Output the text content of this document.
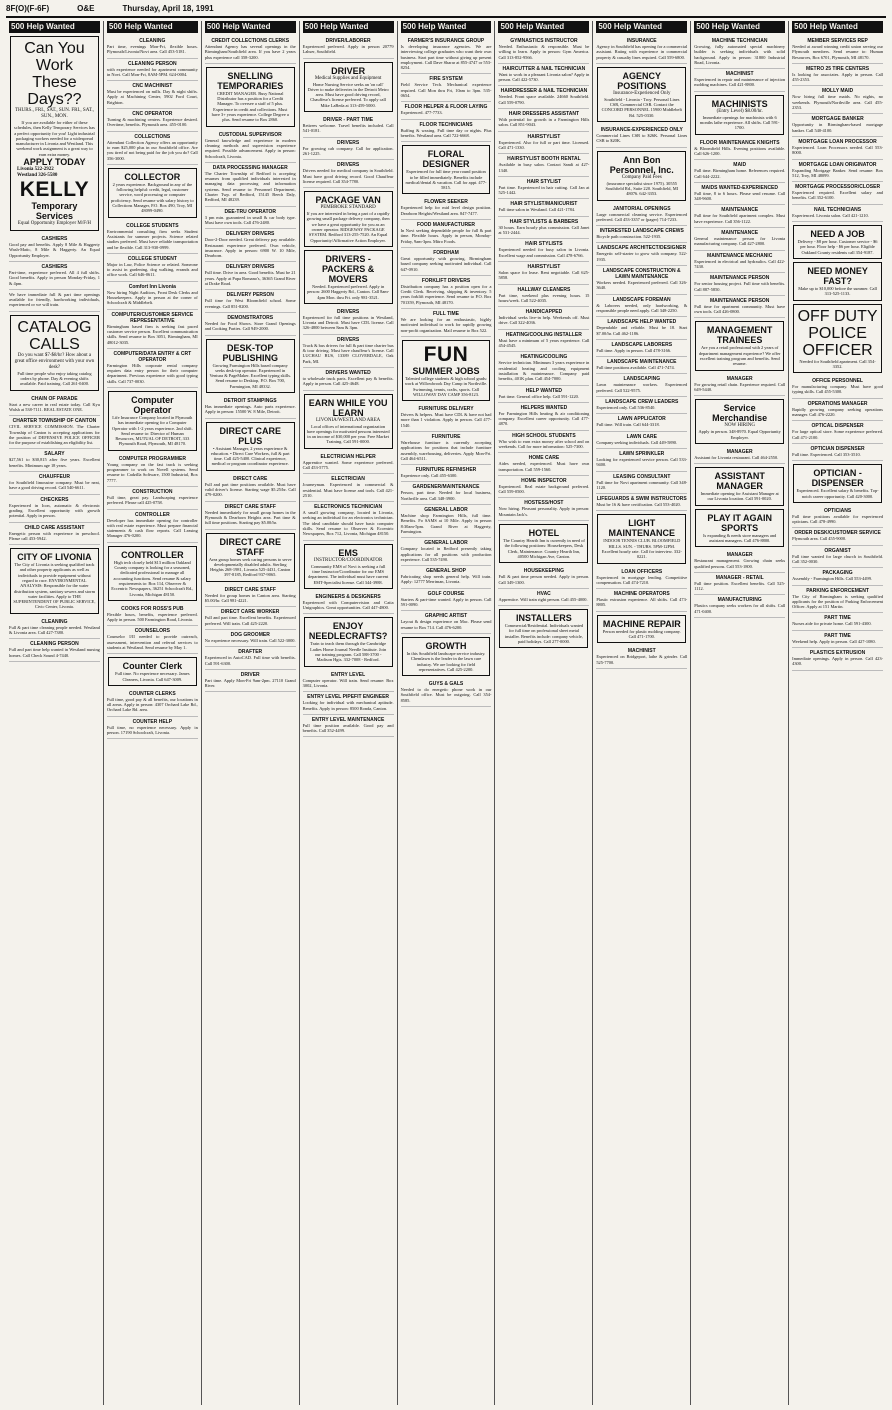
8F(O)(F-6F)	O&E	Thursday, April 18, 1991
500 Help Wanted
Can You
Work
These Days??
THURS., FRI., SAT., SUN. FRI., SAT., SUN., MON.
If you are available for either of these schedules, then Kelly Temporary Services has a perfect opportunity for you! Light industrial packaging workers needed for a widespread manufacturer in Livonia and Westland. This weekend work assignment is a great way to earn extra money.
APPLY TODAY
Livonia 522-2922
Westland 326-5580
KELLY
Temporary
Services
Equal Opportunity Employer M/F/H
CASHIERS
Good pay and benefits. Apply 8 Mile & Haggerty Wash-Matic, 8 Mile & Haggerty. An Equal Opportunity Employer.
CASHIERS
Part-time, experience preferred. All 4 full shifts. Good benefits. Apply in person Monday-Friday, 1 & 4pm.
We have immediate full & part time openings available for friendly, hardworking individuals, experienced or we will train.
CATALOG
CALLS
Do you want $7-$8/hr? How about a great office environment with your own desk?
Full time people who enjoy taking catalog orders by phone. Day & evening shifts available. Paid training. Call 261-0400.
CHAIN OF PARADE
Start a new career in real estate today. Call Kyu Walsh at 538-7111. REAL ESTATE ONE.
CHARTER TOWNSHIP OF CANTON
CIVIL SERVICE COMMISSION. The Charter Township of Canton is accepting applications for the position of DEFENSIVE POLICE OFFICER for the purpose of establishing an eligibility list.
SALARY
$27,561 to $30,815 after five years. Excellent benefits. Minimum age 18 years.
CHAUFFEUR
for Southfield limousine company. Must be neat, have a good driving record. Call 540-6611.
CHECKERS
Experienced in Icon, automatic & electronic grading. Excellent opportunity with growth potential. Apply in person.
CHILD CARE ASSISTANT
Energetic person with experience in preschool. Please call 453-5942.
CITY OF LIVONIA
The City of Livonia is seeking qualified track and other property applicants as well as individuals to provide equipment without regard to race. ENVIRONMENTAL ANALYSIS: Responsible for the water distribution system, sanitary sewers and storm water facilities. Apply to THE SUPERINTENDENT OF PUBLIC SERVICE, Civic Center, Livonia.
CLEANING
Full & part time cleaning people needed. Westland & Livonia area. Call 427-7380.
CLEANING PERSON
Full and part time help wanted in Westland nursing homes. Call Check Sound 4-7440.
500 Help Wanted
CLEANING
Part time, evenings Mon-Fri, flexible hours. Plymouth/Livonia/Novi area. Call 453-5181.
CLEANING PERSON
with experience needed for apartment community in Novi. Call Mon-Fri, 8AM-5PM. 624-0004.
CNC MACHINIST
Must be experienced on mills. Day & night shifts. Apply at Machining Center, 5902 Ford Court, Brighton.
CNC OPERATOR
Turning & machining centers. Experience desired. Overtime, benefits. Plymouth area. 455-0100.
COLLECTIONS
Attendant Collection Agency offers an opportunity to earn $25,000 plus in our Southfield office. Are you tired of not being paid for the job you do? Call 356-3000.
COLLECTOR
2 years experience. Background in any of the following helpful: credit, legal, customer service, word processing or computer proficiency. Send resume with salary history to Collections Manager, P.O. Box 490, Troy, MI 48099-0490.
COLLEGE STUDENTS
Environmental consulting firm seeks Student Assistants for summer projects. Science related studies preferred. Must have reliable transportation and be flexible. Call 313-930-0999.
COLLEGE STUDENT
Major in Law, Police Science or related. Someone to assist in gardening, dog walking, errands and office work. Call 646-0611.
Comfort Inn Livonia
Now hiring Night Auditors, Front Desk Clerks and Housekeepers. Apply in person at the corner of Schoolcraft & Middlebelt.
COMPUTER/CUSTOMER SERVICE REPRESENTATIVE
Birmingham based firm is seeking fast paced customer service person. Excellent communication skills. Send resume to Box 3051, Birmingham, MI 48012-3035.
COMPUTER/DATA ENTRY & CRT OPERATOR
Farmington Hills corporate rental company requires data entry person for their computer department. Previous experience with good typing skills. Call 737-0030.
Computer Operator
Life Insurance Company located in Plymouth has immediate opening for a Computer Operator with 1-2 years experience. 2nd shift. Send resume to: Director of Human Resources, MUTUAL OF DETROIT, 333 Plymouth Road, Plymouth, MI 48170.
COMPUTER PROGRAMMER
Young company on the fast track is seeking programmer to work on Novell systems. Send resume to: Cadzilla Software, 1500 Industrial, Box 7777.
CONSTRUCTION
Full time, great pay. Landscaping experience preferred. Please call 425-0758.
CONTROLLER
Developer has immediate opening for controller with real estate experience. Must prepare financial statements & cash flow reports. Call Leasing Manager 476-0200.
CONTROLLER
High tech closely held $13 million Oakland County company is looking for a seasoned, dedicated professional to manage all accounting functions. Send resume & salary requirements to: Box 114, Observer & Eccentric Newspapers, 36251 Schoolcraft Rd., Livonia, Michigan 48150.
COOKS FOR ROSS'S PUB
Flexible hours, benefits, experience preferred. Apply in person. 500 Farmington Road, Livonia.
COUNSELORS
Counselor I/II needed to provide outreach, assessment, intervention and referral services to students at Westland. Send resume by May 1.
Counter Clerk
Full time. No experience necessary. James Cleaners, Livonia. Call 647-3009.
COUNTER CLERKS
Full time, good pay & all benefits, our locations in all areas. Apply in person: 4307 Orchard Lake Rd., Orchard Lake Rd. area.
COUNTER HELP
Full time, no experience necessary. Apply in person. 17190 Schoolcraft, Livonia.
500 Help Wanted
CREDIT COLLECTIONS CLERKS
Attendant Agency has several openings in the Birmingham/Southfield area. If you have 2 years plus experience call 358-3200.
SNELLING TEMPORARIES
CREDIT MANAGER. Busy National Distributor has a position for a Credit Manager. To oversee a staff of 5 plus. Experience in credit and collections. Must have 3+ years experience. College Degree a plus. Send resume to Box 2860.
CUSTODIAL SUPERVISOR
General knowledge and experience in modern cleaning methods and supervision experience required. Possible advancement. Apply in person: Schoolcraft, Livonia.
DATA PROCESSING MANAGER
The Charter Township of Redford is accepting resumes from qualified individuals interested in managing data processing and information systems. Send resume to: Personnel Department, Charter Twp. of Redford, 15145 Beech Daly, Redford, MI 48239.
DEE-TRU OPERATOR
3 pm min. guaranteed in small & car body type. Must have own tools. Call 476-2480.
DELIVERY DRIVERS
Door-2-Door needed. Great delivery pay available. Restaurant experience preferred. Own vehicle, insurance. Apply in person: 6900 W. 10 Mile, Dearborn.
DELIVERY DRIVERS
Full time. Drive in area. Good benefits. Must be 21 years. Apply at Papa Romano's, 36365 Grand River at Drake Road.
DELIVERY PERSON
Full time for West Bloomfield school. Some evenings. Call 851-8200.
DEMONSTRATORS
Needed for Food Shows. Store Grand Openings and Cooking Parties. Call 949-2000.
DESK-TOP PUBLISHING
Growing Farmington Hills based company seeks desk-top operator. Experienced in Ventura & PageMaker. Excellent typing skills. Send resume to Desktop, P.O. Box 700, Farmington, MI 48332.
DETROIT STAMPINGS
Has immediate openings. Auto parts experience. Apply in person: 15500 W. 8 Mile, Detroit.
DIRECT CARE PLUS
• Assistant Manager, 2 years experience & education. • Direct Care Workers, full & part time. Call 425-5400. Clinical experience, medical or program coordinator experience.
DIRECT CARE
Full and part time positions available. Must have valid driver's license. Starting wage $5.25/hr. Call 479-0200.
DIRECT CARE STAFF
Needed immediately for small group homes in the Plymouth & Dearborn Heights area. Part time & full time positions. Starting pay $5.00/hr.
DIRECT CARE STAFF
Area group homes seek caring persons to serve developmentally disabled adults. Sterling Heights 268-1981, Livonia 525-4431, Canton 397-8185, Redford 937-9065.
DIRECT CARE STAFF
Needed for group homes in Canton area. Starting $5.00/hr. Call 981-4221.
DIRECT CARE WORKER
Full and part time. Excellent benefits. Experienced preferred. Will train. Call 425-2220.
DOG GROOMER
No experience necessary. Will train. Call 522-3000.
DRAFTER
Experienced in AutoCAD. Full time with benefits. Call 591-6300.
DRIVER
Part time. Apply Mon-Fri 9am-2pm. 27110 Grand River.
500 Help Wanted
DRIVER/LABORER
Experienced preferred. Apply in person 20779 Lahser, Southfield.
DRIVER
Medical Supplies and Equipment
Home Nursing Service seeks an 'on call' Driver to make deliveries in the Detroit Metro area. Must have good driving record, Chauffeur's license preferred. To apply call Mike LaBeda at 313-459-5000.
DRIVER - PART TIME
Retirees welcome. Travel benefits included. Call 541-0181.
DRIVERS
For growing cab company. Call for application. 261-1225.
DRIVERS
Drivers needed for medical company in Southfield. Must have good driving record. Good Chauffeur license required. Call 354-7780.
PACKAGE VAN
PEMBROKE STANDARD
If you are interested in being a part of a rapidly growing small package delivery company, then we have a great opportunity for you as an owner operator. RIDGEWAY PACKAGE SYSTEM. Redford 313-255-7520. An Equal Opportunity/Affirmative Action Employer.
DRIVERS - PACKERS & MOVERS
Needed. Experienced preferred. Apply in person: 2600 Haggerty Rd., Canton. Call 8am-4pm Mon. thru Fri. only 981-3521.
DRIVERS
Experienced for full time positions in Westland, Livonia and Detroit. Must have CDL license. Call 326-4800 between 8am & 3pm.
DRIVERS
Truck & bus drivers for full & part time charter bus & tour driving. Must have chauffeur's license. Call LUCHAU BUS, 13389 CLOVERDALE, Oak Park, MI.
DRIVERS WANTED
to wholesale truck parts. Excellent pay & benefits. Apply in person. Call 425-4648.
EARN WHILE YOU LEARN
LIVONIA/WESTLAND AREA
Local offices of international organization have openings for motivated persons interested in an income of $30,000 per year. Free Market Training. Call 591-0000.
ELECTRICIAN HELPER
Apprentice wanted. Some experience preferred. Call 453-5775.
ELECTRICIAN
Journeyman. Experienced in commercial & residential. Must have license and tools. Call 421-2510.
ELECTRONICS TECHNICIAN
A small growing company, located in Livonia, seeking an individual for an electronics technician. The ideal candidate should have basic computer skills. Send resume to Observer & Eccentric Newspapers, Box 712, Livonia, Michigan 48150.
EMS
INSTRUCTOR/COORDINATOR
Community EMS of Novi is seeking a full time Instructor/Coordinator for our EMS department. The individual must have current EMT-Specialist license. Call 344-3988.
ENGINEERS & DESIGNERS
Experienced with Computervision and Catia Unigraphics. Great opportunities. Call 447-4800.
ENJOY NEEDLECRAFTS?
Train to teach them through the Cambridge Ladies Home Journal Needle Institute. Join our training program. Call 588-3700 - Madison Hgts. 332-7008 - Redford.
ENTRY LEVEL
Computer operator. Will train. Send resume: Box 3002, Livonia.
ENTRY LEVEL PIPEFIT ENGINEER
Looking for individual with mechanical aptitude. Benefits. Apply in person: 8500 Ronda, Canton.
ENTRY LEVEL MAINTENANCE
Full time position available. Good pay and benefits. Call 352-4499.
500 Help Wanted
FARMER'S INSURANCE GROUP
Is developing insurance agencies. We are interviewing college graduates who want their own business. Start part time without giving up present employment. Call Dave Sharar at 855-4747 or 553-8254.
FIRE SYSTEM
Field Service Tech. Mechanical experience required. Call Mon thru Fri, 10am to 3pm. 535-0654.
FLOOR HELPER & FLOOR LAYING
Experienced. 477-7733.
FLOOR TECHNICIANS
Buffing & waxing. Full time day or nights. Plus benefits. Westland area. Call 722-6668.
FLORAL DESIGNER
Experienced for full time year round position to be filled immediately. Benefits include medical/dental & vacation. Call for appt. 477-5815.
FLOWER SEEKER
Experienced help for mid level design position. Dearborn Heights/Westland area. 847-7477.
FOOD MANUFACTURER
In Novi seeking dependable people for full & part time. Flexible hours. Apply in person, Monday-Friday, 9am-3pm. Mitro Foods.
FORDHAM
Great opportunity with growing, Birmingham based company seeking motivated individual. Call 647-0910.
FORKLIFT DRIVERS
Distribution company has a position open for a Credit Clerk. Receiving, shipping & inventory. 5 years forklift experience. Send resume to P.O. Box 701359, Plymouth, MI 48170.
FULL TIME
We are looking for an enthusiastic, highly motivated individual to work for rapidly growing non-profit organization. Mail resume to Box 522.
FUN
SUMMER JOBS
Talented college students & high school grads: work at Willowbrook Day Camp in Northville. Swimming, tennis, crafts, sports. Call WILLOWAY DAY CAMP 356-8123.
FURNITURE DELIVERY
Drivers & helpers. Must have CDL & have not had more than 1 violation. Apply in person. Call 477-1540.
FURNITURE
Warehouse furniture is currently accepting applications for positions that include furniture assembly, warehousing, deliveries. Apply Mon-Fri. Call 464-6511.
FURNITURE REFINISHER
Experience only. Call 455-6300.
GARDENER/MAINTENANCE
Person, part time. Needed for local business, Northville area. Call 348-3900.
GENERAL LABOR
Machine shop Farmington Hills, full time. Benefits. Fo SAMS at 10 Mile. Apply in person 8:30am-5pm. Grand River at Haggerty, Farmington.
GENERAL LABOR
Company located in Redford presently taking applications for all positions with production experience. Call 535-7490.
GENERAL SHOP
Fabricating shop needs general help. Will train. Apply: 12777 Merriman, Livonia.
GOLF COURSE
Starters & part-time wanted. Apply in person. Call 591-0090.
GRAPHIC ARTIST
Layout & design experience on Mac. Please send resume to Box 714. Call 476-6200.
GROWTH
In this Southfield landscape service industry. Chemlawn is the leader in the lawn care industry. We are looking for field representatives. Call 425-2200.
GUYS & GALS
Needed to do energetic phone work in our Southfield office. Must be outgoing. Call 354-8585.
500 Help Wanted
GYMNASTICS INSTRUCTOR
Needed. Enthusiastic & responsible. Must be willing to learn. Apply in person: Gym America. Call 313-852-9566.
HAIRCUTTER & NAIL TECHNICIAN
Want to work in a pleasant Livonia salon? Apply in person. Call 422-5730.
HAIRDRESSER & NAIL TECHNICIAN
Needed. Front space available. 24660 Southfield. Call 559-0790.
HAIR DRESSERS ASSISTANT
With potential for growth in a Farmington Hills salon. Call 851-9043.
HAIRSTYLIST
Experienced. Also for full or part time. Licensed. Call 471-1330.
HAIRSTYLIST BOOTH RENTAL
Available in busy salon. Contact Sandi at 427-1340.
HAIR STYLIST
Part time. Experienced in hair cutting. Call Jan at 525-1442.
HAIR STYLIST/MANICURIST
Full time salon in Westland. Call 421-1784.
HAIR STYLISTS & BARBERS
30 hours. Earn hourly plus commission. Call Janet at 531-2444.
HAIR STYLISTS
Experienced needed for busy salon in Livonia. Excellent wage and commission. Call 478-6766.
HAIRSTYLIST
Salon space for lease. Rent negotiable. Call 625-5858.
HALLWAY CLEANERS
Part time, weekend plus evening hours. 15 hours/week. Call 522-4035.
HANDICAPPED
Individual seeks live-in help. Weekends off. Must drive. Call 322-4036.
HEATING/COOLING INSTALLER
Must have a minimum of 5 years experience. Call 454-4545.
HEATING/COOLING
Service technician. Minimum 3 years experience in residential heating and cooling equipment installation & maintenance. Company paid benefits, 401K plan. Call 454-7000.
HELP WANTED
Part time. General office help. Call 591-1220.
HELPERS WANTED
For Farmington Hills heating & air conditioning company. Excellent career opportunity. Call 477-4870.
HIGH SCHOOL STUDENTS
Who wish to earn extra money after school and on weekends. Call for more information: 525-7300.
HOME CARE
Aides needed, experienced. Must have own transportation. Call 559-1560.
HOME INSPECTOR
Experienced. Real estate background preferred. Call 559-0500.
HOSTESS/HOST
Now hiring. Pleasant personality. Apply in person: Mountain Jack's.
HOTEL
The Country Hearth Inn is currently in need of the following positions: Housekeepers, Desk Clerk, Maintenance. Country Hearth Inn, 40500 Michigan Ave, Canton.
HOUSEKEEPING
Full & part time person needed. Apply in person. Call 349-1300.
HVAC
Apprentice. Will train right person. Call 455-4000.
INSTALLERS
Commercial/Residential. Individuals wanted for full time on professional sheet metal installer. Benefits include: company vehicle, paid holidays. Call 277-0000.
500 Help Wanted
INSURANCE
Agency in Southfield has opening for a commercial assistant. Rating with experience in commercial property & casualty lines required. Call 559-6800.
AGENCY POSITIONS
Insurance-Experienced Only
Southfield - Livonia - Troy. Personal Lines CSR, Commercial CSR. Contact the CONCORD PERSONNEL 15900 Middlebelt Rd. 525-0330.
INSURANCE-EXPERIENCED ONLY
Commercial Lines CSR to $26K. Personal Lines CSR to $20K.
Ann Bon Personnel, Inc.
Company Paid Fees
(insurance specialist since 1975). 30555 Southfield Rd., Suite 220. Southfield, MI 48076. 642-3353.
JANITORIAL OPENINGS
Large commercial cleaning service. Experienced preferred. Call 453-3357 or (pager) 714-7233.
INTERESTED LANDSCAPE CREWS
Bicycle path construction. 522-1935.
LANDSCAPE ARCHITECT/DESIGNER
Energetic self-starter to grow with company. 522-1935.
LANDSCAPE CONSTRUCTION & LAWN MAINTENANCE
Workers needed. Experienced preferred. Call 326-3640.
LANDSCAPE FOREMAN
& Laborers needed, only hardworking, & responsible people need apply. Call 348-2250.
LANDSCAPE HELP WANTED
Dependable and reliable. Must be 18. Start $7.00/hr. Call 462-1186.
LANDSCAPE LABORERS
Full time. Apply in person. Call 478-3166.
LANDSCAPE MAINTENANCE
Full time positions available. Call 471-7474.
LANDSCAPING
Lawn maintenance workers. Experienced preferred. Call 522-9575.
LANDSCAPE CREW LEADERS
Experienced only. Call 536-8540.
LAWN APPLICATOR
Full time. Will train. Call 644-3318.
LAWN CARE
Company seeking individuals. Call 449-5890.
LAWN SPRINKLER
Looking for experienced service person. Call 533-9400.
LEASING CONSULTANT
Full time for Novi apartment community. Call 348-1120.
LIFEGUARDS & SWIM INSTRUCTORS
Must be 16 & have certification. Call 553-4020.
LIGHT MAINTENANCE
INDOOR TENNIS CLUB. BLOOMFIELD HILLS. SUN. - THURS. 5PM-12PM. Excellent hourly rate. Call for interview. 332-0221.
LOAN OFFICERS
Experienced in mortgage lending. Competitive compensation. Call 474-7210.
MACHINE OPERATORS
Plastic extrusion experience. All shifts. Call 473-8805.
MACHINE REPAIR
Person needed for plastic molding company. Call 471-1700.
MACHINIST
Experienced on Bridgeport, lathe & grinder. Call 525-7700.
500 Help Wanted
MACHINE TECHNICIAN
Growing, fully automated special machinery builder is seeking individuals with solid background. Apply in person: 31800 Industrial Road, Livonia.
MACHINIST
Experienced in repair and maintenance of injection molding machines. Call 421-8800.
MACHINISTS
(Entry Level) $8.00/hr.
Immediate openings for machinists with 6 months lathe experience. All shifts. Call 591-1700.
FLOOR MAINTENANCE KNIGHTS
& Bloomfield Hills. Evening positions available. Call 626-1200.
MAID
Full time. Birmingham home. References required. Call 644-2222.
MAIDS WANTED-EXPERIENCED
Full time, 8 to 6 hours. Please send resume. Call 348-9600.
MAINTENANCE
Full time for Southfield apartment complex. Must have experience. Call 356-1122.
MAINTENANCE
General maintenance person for Livonia manufacturing company. Call 427-2800.
MAINTENANCE MECHANIC
Experienced in electrical and hydraulics. Call 422-7430.
MAINTENANCE PERSON
For senior housing project. Full time with benefits. Call 887-5850.
MAINTENANCE PERSON
Full time for apartment community. Must have own tools. Call 426-0800.
MANAGEMENT TRAINEES
Are you a retail professional with 2 years of department management experience? We offer excellent training program and benefits. Send resume.
MANAGER
For growing retail chain. Experience required. Call 649-5440.
Service Merchandise
NOW HIRING
Apply in person. 348-8970. Equal Opportunity Employer.
MANAGER
Assistant for Livonia restaurant. Call 464-2550.
ASSISTANT MANAGER
Immediate opening for Assistant Manager at our Livonia location. Call 591-0020.
PLAY IT AGAIN SPORTS
Is expanding & needs store managers and assistant managers. Call 476-8800.
MANAGER
Restaurant management. Growing chain seeks qualified persons. Call 553-1800.
MANAGER - RETAIL
Full time position. Excellent benefits. Call 525-1112.
MANUFACTURING
Plastics company seeks workers for all shifts. Call 471-0400.
500 Help Wanted
MEMBER SERVICES REP
Needed at award winning credit union serving our Plymouth members. Send resume to: Human Resources, Box 6701, Plymouth, MI 48170.
METRO 25 TIRE CENTERS
Is looking for associates. Apply in person. Call 455-2353.
MOLLY MAID
Now hiring full time maids. No nights, no weekends. Plymouth/Northville area. Call 455-2353.
MORTGAGE BANKER
Opportunity in Birmingham-based mortgage banker. Call 540-4100.
MORTGAGE LOAN PROCESSOR
Experienced. Loan Processors needed. Call 553-8000.
MORTGAGE LOAN ORIGINATOR
Expanding Mortgage Banker. Send resume: Box 512, Troy, MI 48099.
MORTGAGE PROCESSOR/CLOSER
Experienced required. Excellent salary and benefits. Call 352-6100.
NAIL TECHNICIANS
Experienced. Livonia salon. Call 421-1210.
NEED A JOB
Delivery - $8 per hour. Customer service - $6 per hour. Floor help - $6 per hour. Eligible Oakland County residents call 354-9187.
NEED MONEY FAST?
Make up to $10,000 before the summer. Call 313-525-1133.
OFF DUTY
POLICE OFFICER
Needed for Southfield apartment. Call 354-3352.
OFFICE PERSONNEL
For manufacturing company. Must have good typing skills. Call 455-5300.
OPERATIONS MANAGER
Rapidly growing company seeking operations manager. Call 476-2220.
OPTICAL DISPENSER
For large optical store. Some experience preferred. Call 471-2100.
OPTICIAN DISPENSER
Full time. Experienced. Call 353-3510.
OPTICIAN - DISPENSER
Experienced. Excellent salary & benefits. Top-notch career opportunity. Call 420-3000.
OPTICIANS
Full time positions available for experienced opticians. Call 478-4990.
ORDER DESK/CUSTOMER SERVICE
Plymouth area. Call 455-9000.
ORGANIST
Full time wanted for large church in Southfield. Call 352-0030.
PACKAGING
Assembly - Farmington Hills. Call 553-4499.
PARKING ENFORCEMENT
The City of Birmingham is seeking qualified applicants for the position of Parking Enforcement Officer. Apply at 151 Martin.
PART TIME
Nurses aide for private home. Call 591-4300.
PART TIME
Weekend help. Apply in person. Call 427-1080.
PLASTICS EXTRUSION
Immediate openings. Apply in person. Call 423-4300.
